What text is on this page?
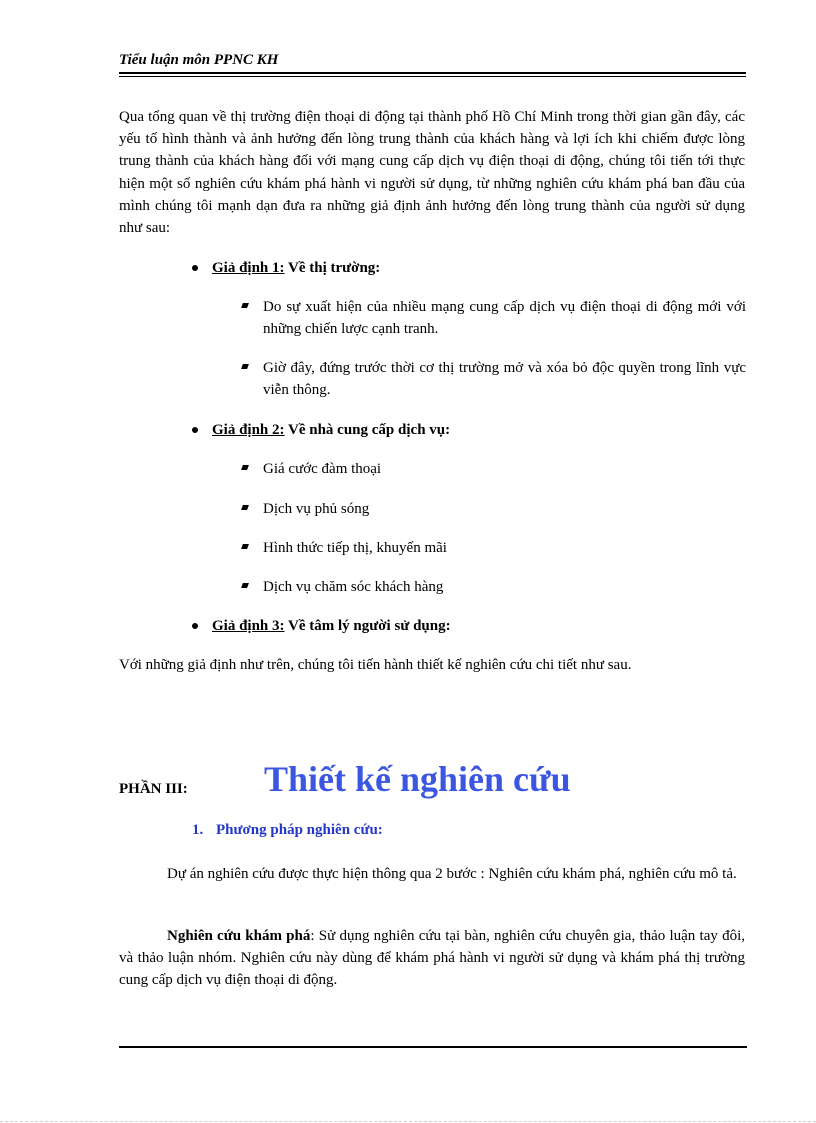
Tiểu luận môn PPNC KH

Qua tổng quan về thị trường điện thoại di động tại thành phố Hồ Chí Minh trong thời gian gần đây, các yếu tố hình thành và ảnh hưởng đến lòng trung thành của khách hàng và lợi ích khi chiếm được lòng trung thành của khách hàng đối với mạng cung cấp dịch vụ điện thoại di động, chúng tôi tiến tới thực hiện một số nghiên cứu khám phá hành vi người sử dụng, từ những nghiên cứu khám phá ban đầu của mình chúng tôi mạnh dạn đưa ra những giả định ảnh hưởng đến lòng trung thành của người sử dụng như sau:

Giả định 1: Về thị trường:
Do sự xuất hiện của nhiều mạng cung cấp dịch vụ điện thoại di động mới với những chiến lược cạnh tranh.
Giờ đây, đứng trước thời cơ thị trường mở và xóa bỏ độc quyền trong lĩnh vực viễn thông.
Giả định 2: Về nhà cung cấp dịch vụ:
Giá cước đàm thoại
Dịch vụ phủ sóng
Hình thức tiếp thị, khuyến mãi
Dịch vụ chăm sóc khách hàng
Giả định 3: Về tâm lý người sử dụng:
Với những giả định như trên, chúng tôi tiến hành thiết kế nghiên cứu chi tiết như sau.
PHẦN III: Thiết kế nghiên cứu
1. Phương pháp nghiên cứu:

Dự án nghiên cứu được thực hiện thông qua 2 bước : Nghiên cứu khám phá, nghiên cứu mô tả.

Nghiên cứu khám phá: Sử dụng nghiên cứu tại bàn, nghiên cứu chuyên gia, thảo luận tay đôi, và thảo luận nhóm. Nghiên cứu này dùng để khám phá hành vi người sử dụng và khám phá thị trường cung cấp dịch vụ điện thoại di động.
